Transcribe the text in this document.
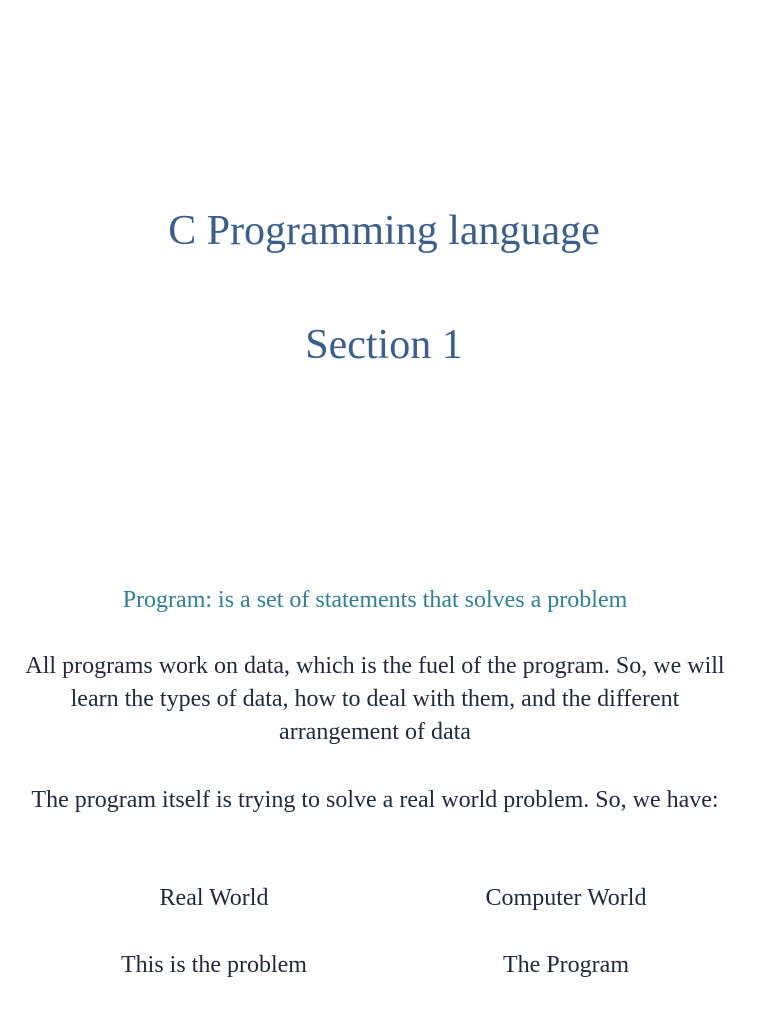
C Programming language
Section 1

Program: is a set of statements that solves a problem

All programs work on data, which is the fuel of the program. So, we will learn the types of data, how to deal with them, and the different arrangement of data

The program itself is trying to solve a real world problem. So, we have:

Real World	Computer World
This is the problem	The Program
